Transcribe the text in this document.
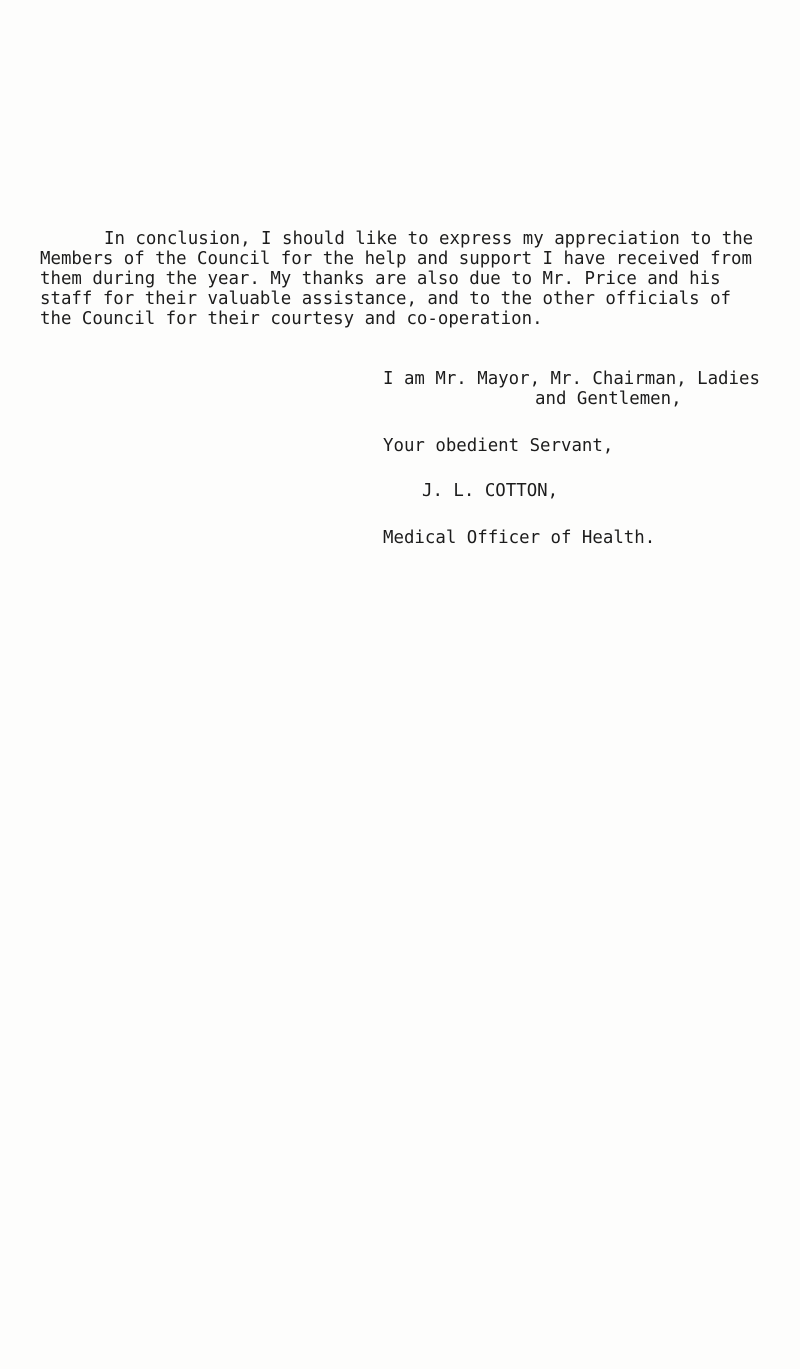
In conclusion, I should like to express my appreciation to the
Members of the Council for the help and support I have received from
them during the year. My thanks are also due to Mr. Price and his
staff for their valuable assistance, and to the other officials of
the Council for their courtesy and co-operation.
I am Mr. Mayor, Mr. Chairman, Ladies
and Gentlemen,
Your obedient Servant,
J. L. COTTON,
Medical Officer of Health.
